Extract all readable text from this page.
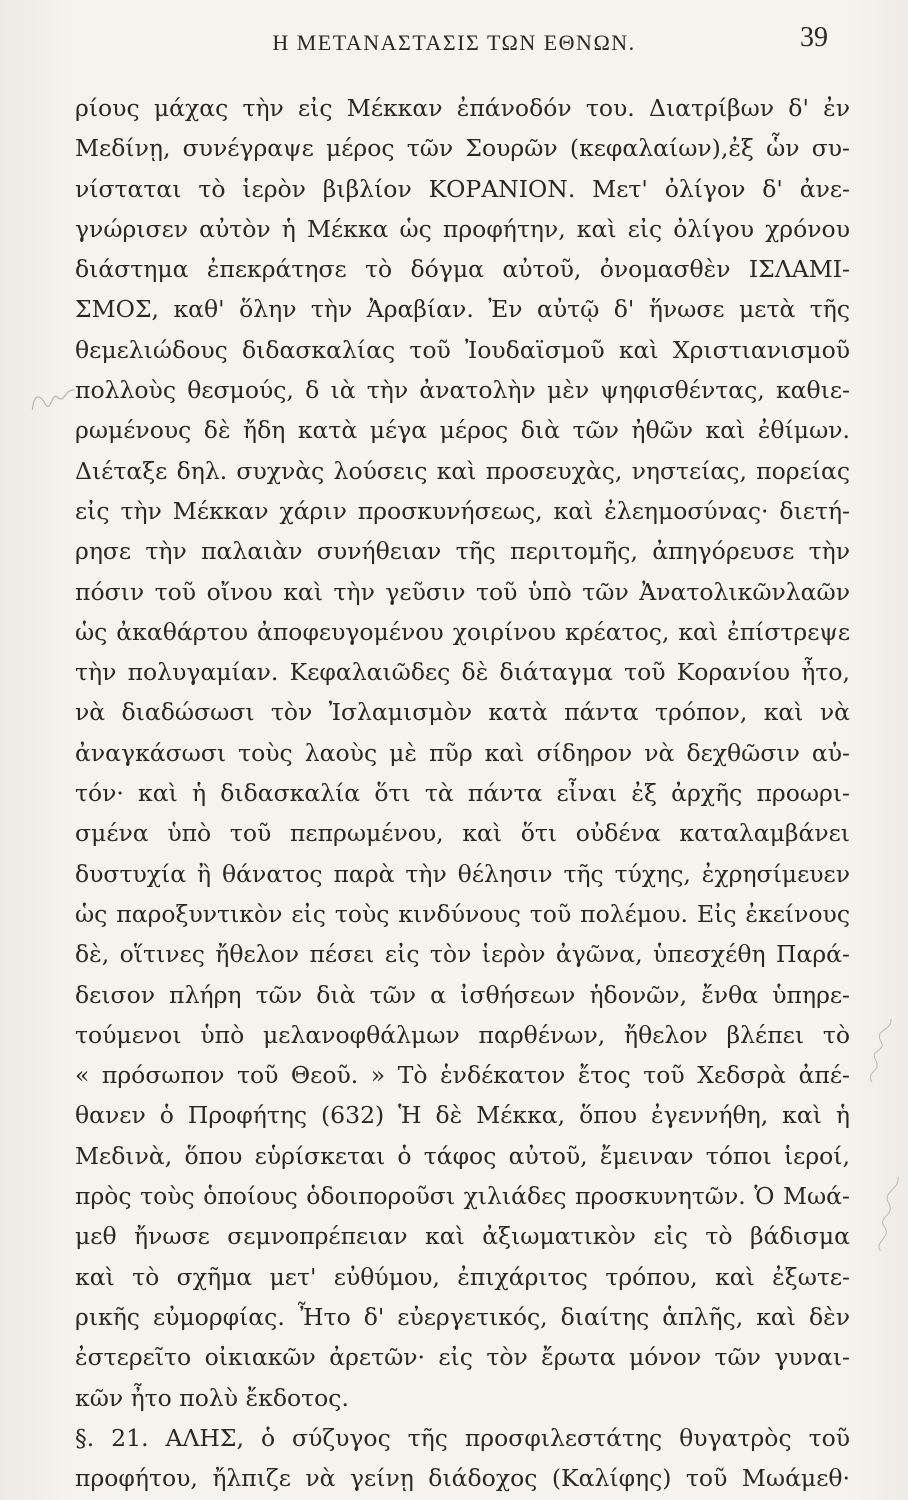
Η ΜΕΤΑΝΑΣΤΑΣΙΣ ΤΩΝ ΕΘΝΩΝ.	39
ρίους μάχας τὴν εἰς Μέκκαν ἐπάνοδόν του. Διατρίβων δ' ἐν
Μεδίνῃ, συνέγραψε μέρος τῶν Σουρῶν (κεφαλαίων),ἐξ ὧν συ-
νίσταται τὸ ἱερὸν βιβλίον ΚΟΡΑΝΙΟΝ. Μετ' ὀλίγον δ' ἀνε-
γνώρισεν αὐτὸν ἡ Μέκκα ὡς προφήτην, καὶ εἰς ὀλίγου χρόνου
διάστημα ἐπεκράτησε τὸ δόγμα αὐτοῦ, ὀνομασθὲν ΙΣΛΑΜΙ-
ΣΜΟΣ, καθ' ὅλην τὴν Ἀραβίαν. Ἐν αὐτῷ δ' ἥνωσε μετὰ τῆς
θεμελιώδους διδασκαλίας τοῦ Ἰουδαϊσμοῦ καὶ Χριστιανισμοῦ
πολλοὺς θεσμούς, δ ιὰ τὴν ἀνατολὴν μὲν ψηφισθέντας, καθιε-
ρωμένους δὲ ἤδη κατὰ μέγα μέρος διὰ τῶν ἠθῶν καὶ ἐθίμων.
Διέταξε δηλ. συχνὰς λούσεις καὶ προσευχὰς, νηστείας, πορείας
εἰς τὴν Μέκκαν χάριν προσκυνήσεως, καὶ ἐλεημοσύνας· διετή-
ρησε τὴν παλαιὰν συνήθειαν τῆς περιτομῆς, ἀπηγόρευσε τὴν
πόσιν τοῦ οἴνου καὶ τὴν γεῦσιν τοῦ ὑπὸ τῶν Ἀνατολικῶνλαῶν
ὡς ἀκαθάρτου ἀποφευγομένου χοιρίνου κρέατος, καὶ ἐπίστρεψε
τὴν πολυγαμίαν. Κεφαλαιῶδες δὲ διάταγμα τοῦ Κορανίου ἦτο,
νὰ διαδώσωσι τὸν Ἰσλαμισμὸν κατὰ πάντα τρόπον, καὶ νὰ
ἀναγκάσωσι τοὺς λαοὺς μὲ πῦρ καὶ σίδηρον νὰ δεχθῶσιν αὐ-
τόν· καὶ ἡ διδασκαλία ὅτι τὰ πάντα εἶναι ἐξ ἀρχῆς προωρι-
σμένα ὑπὸ τοῦ πεπρωμένου, καὶ ὅτι οὐδένα καταλαμβάνει
δυστυχία ἢ θάνατος παρὰ τὴν θέλησιν τῆς τύχης, ἐχρησίμευεν
ὡς παροξυντικὸν εἰς τοὺς κινδύνους τοῦ πολέμου. Εἰς ἐκείνους
δὲ, οἵτινες ἤθελον πέσει εἰς τὸν ἱερὸν ἀγῶνα, ὑπεσχέθη Παρά-
δεισον πλήρη τῶν διὰ τῶν α ἰσθήσεων ἡδονῶν, ἔνθα ὑπηρε-
τούμενοι ὑπὸ μελανοφθάλμων παρθένων, ἤθελον βλέπει τὸ
« πρόσωπον τοῦ Θεοῦ. » Τὸ ἑνδέκατον ἔτος τοῦ Χεδσρὰ ἀπέ-
θανεν ὁ Προφήτης (632) Ἡ δὲ Μέκκα, ὅπου ἐγεννήθη, καὶ ἡ
Μεδινὰ, ὅπου εὑρίσκεται ὁ τάφος αὐτοῦ, ἔμειναν τόποι ἱεροί,
πρὸς τοὺς ὁποίους ὁδοιποροῦσι χιλιάδες προσκυνητῶν. Ὁ Μωά-
μεθ ἤνωσε σεμνοπρέπειαν καὶ ἀξιωματικὸν εἰς τὸ βάδισμα
καὶ τὸ σχῆμα μετ' εὐθύμου, ἐπιχάριτος τρόπου, καὶ ἐξωτε-
ρικῆς εὐμορφίας. Ἦτο δ' εὐεργετικός, διαίτης ἁπλῆς, καὶ δὲν
ἐστερεῖτο οἰκιακῶν ἀρετῶν· εἰς τὸν ἔρωτα μόνον τῶν γυναι-
κῶν ἦτο πολὺ ἔκδοτος.
§. 21. ΑΛΗΣ, ὁ σύζυγος τῆς προσφιλεστάτης θυγατρὸς τοῦ
προφήτου, ἤλπιζε νὰ γείνῃ διάδοχος (Καλίφης) τοῦ Μωάμεθ·
